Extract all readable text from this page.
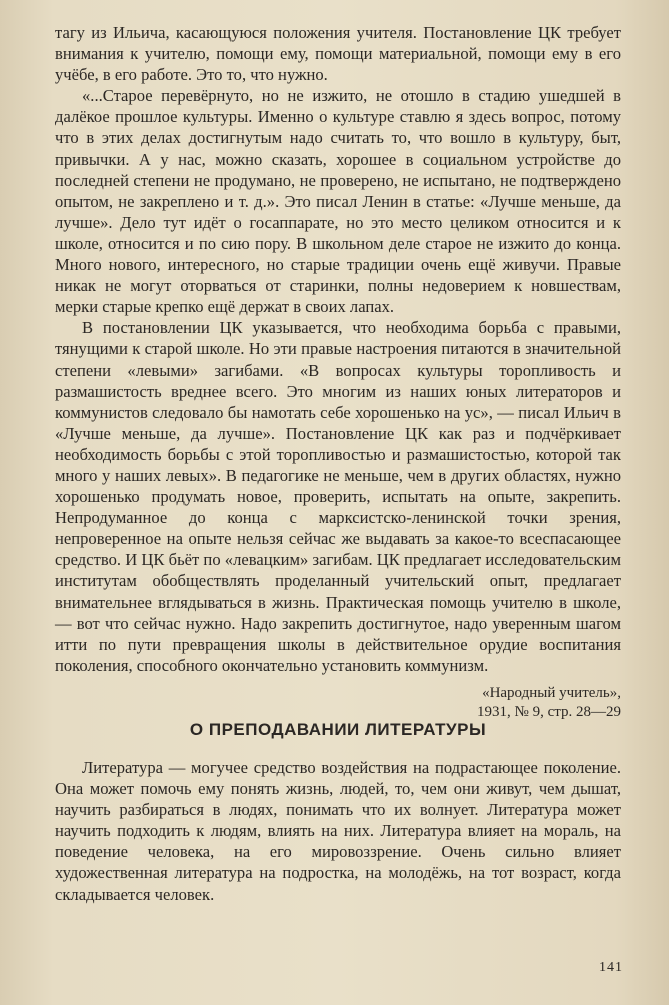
тагу из Ильича, касающуюся положения учителя. Постановление ЦК требует внимания к учителю, помощи ему, помощи материальной, помощи ему в его учёбе, в его работе. Это то, что нужно.

«...Старое перевёрнуто, но не изжито, не отошло в стадию ушедшей в далёкое прошлое культуры. Именно о культуре ставлю я здесь вопрос, потому что в этих делах достигнутым надо считать то, что вошло в культуру, быт, привычки. А у нас, можно сказать, хорошее в социальном устройстве до последней степени не продумано, не проверено, не испытано, не подтверждено опытом, не закреплено и т. д.». Это писал Ленин в статье: «Лучше меньше, да лучше». Дело тут идёт о госаппарате, но это место целиком относится и к школе, относится и по сию пору. В школьном деле старое не изжито до конца. Много нового, интересного, но старые традиции очень ещё живучи. Правые никак не могут оторваться от старинки, полны недоверием к новшествам, мерки старые крепко ещё держат в своих лапах.

В постановлении ЦК указывается, что необходима борьба с правыми, тянущими к старой школе. Но эти правые настроения питаются в значительной степени «левыми» загибами. «В вопросах культуры торопливость и размашистость вреднее всего. Это многим из наших юных литераторов и коммунистов следовало бы намотать себе хорошенько на ус», — писал Ильич в «Лучше меньше, да лучше». Постановление ЦК как раз и подчёркивает необходимость борьбы с этой торопливостью и размашистостью, которой так много у наших левых». В педагогике не меньше, чем в других областях, нужно хорошенько продумать новое, проверить, испытать на опыте, закрепить. Непродуманное до конца с марксистско-ленинской точки зрения, непроверенное на опыте нельзя сейчас же выдавать за какое-то всеспасающее средство. И ЦК бьёт по «левацким» загибам. ЦК предлагает исследовательским институтам обобществлять проделанный учительский опыт, предлагает внимательнее вглядываться в жизнь. Практическая помощь учителю в школе, — вот что сейчас нужно. Надо закрепить достигнутое, надо уверенным шагом итти по пути превращения школы в действительное орудие воспитания поколения, способного окончательно установить коммунизм.

«Народный учитель»,
1931, № 9, стр. 28—29
О ПРЕПОДАВАНИИ ЛИТЕРАТУРЫ

Литература — могучее средство воздействия на подрастающее поколение. Она может помочь ему понять жизнь, людей, то, чем они живут, чем дышат, научить разбираться в людях, понимать что их волнует. Литература может научить подходить к людям, влиять на них. Литература влияет на мораль, на поведение человека, на его мировоззрение. Очень сильно влияет художественная литература на подростка, на молодёжь, на тот возраст, когда складывается человек.

141
